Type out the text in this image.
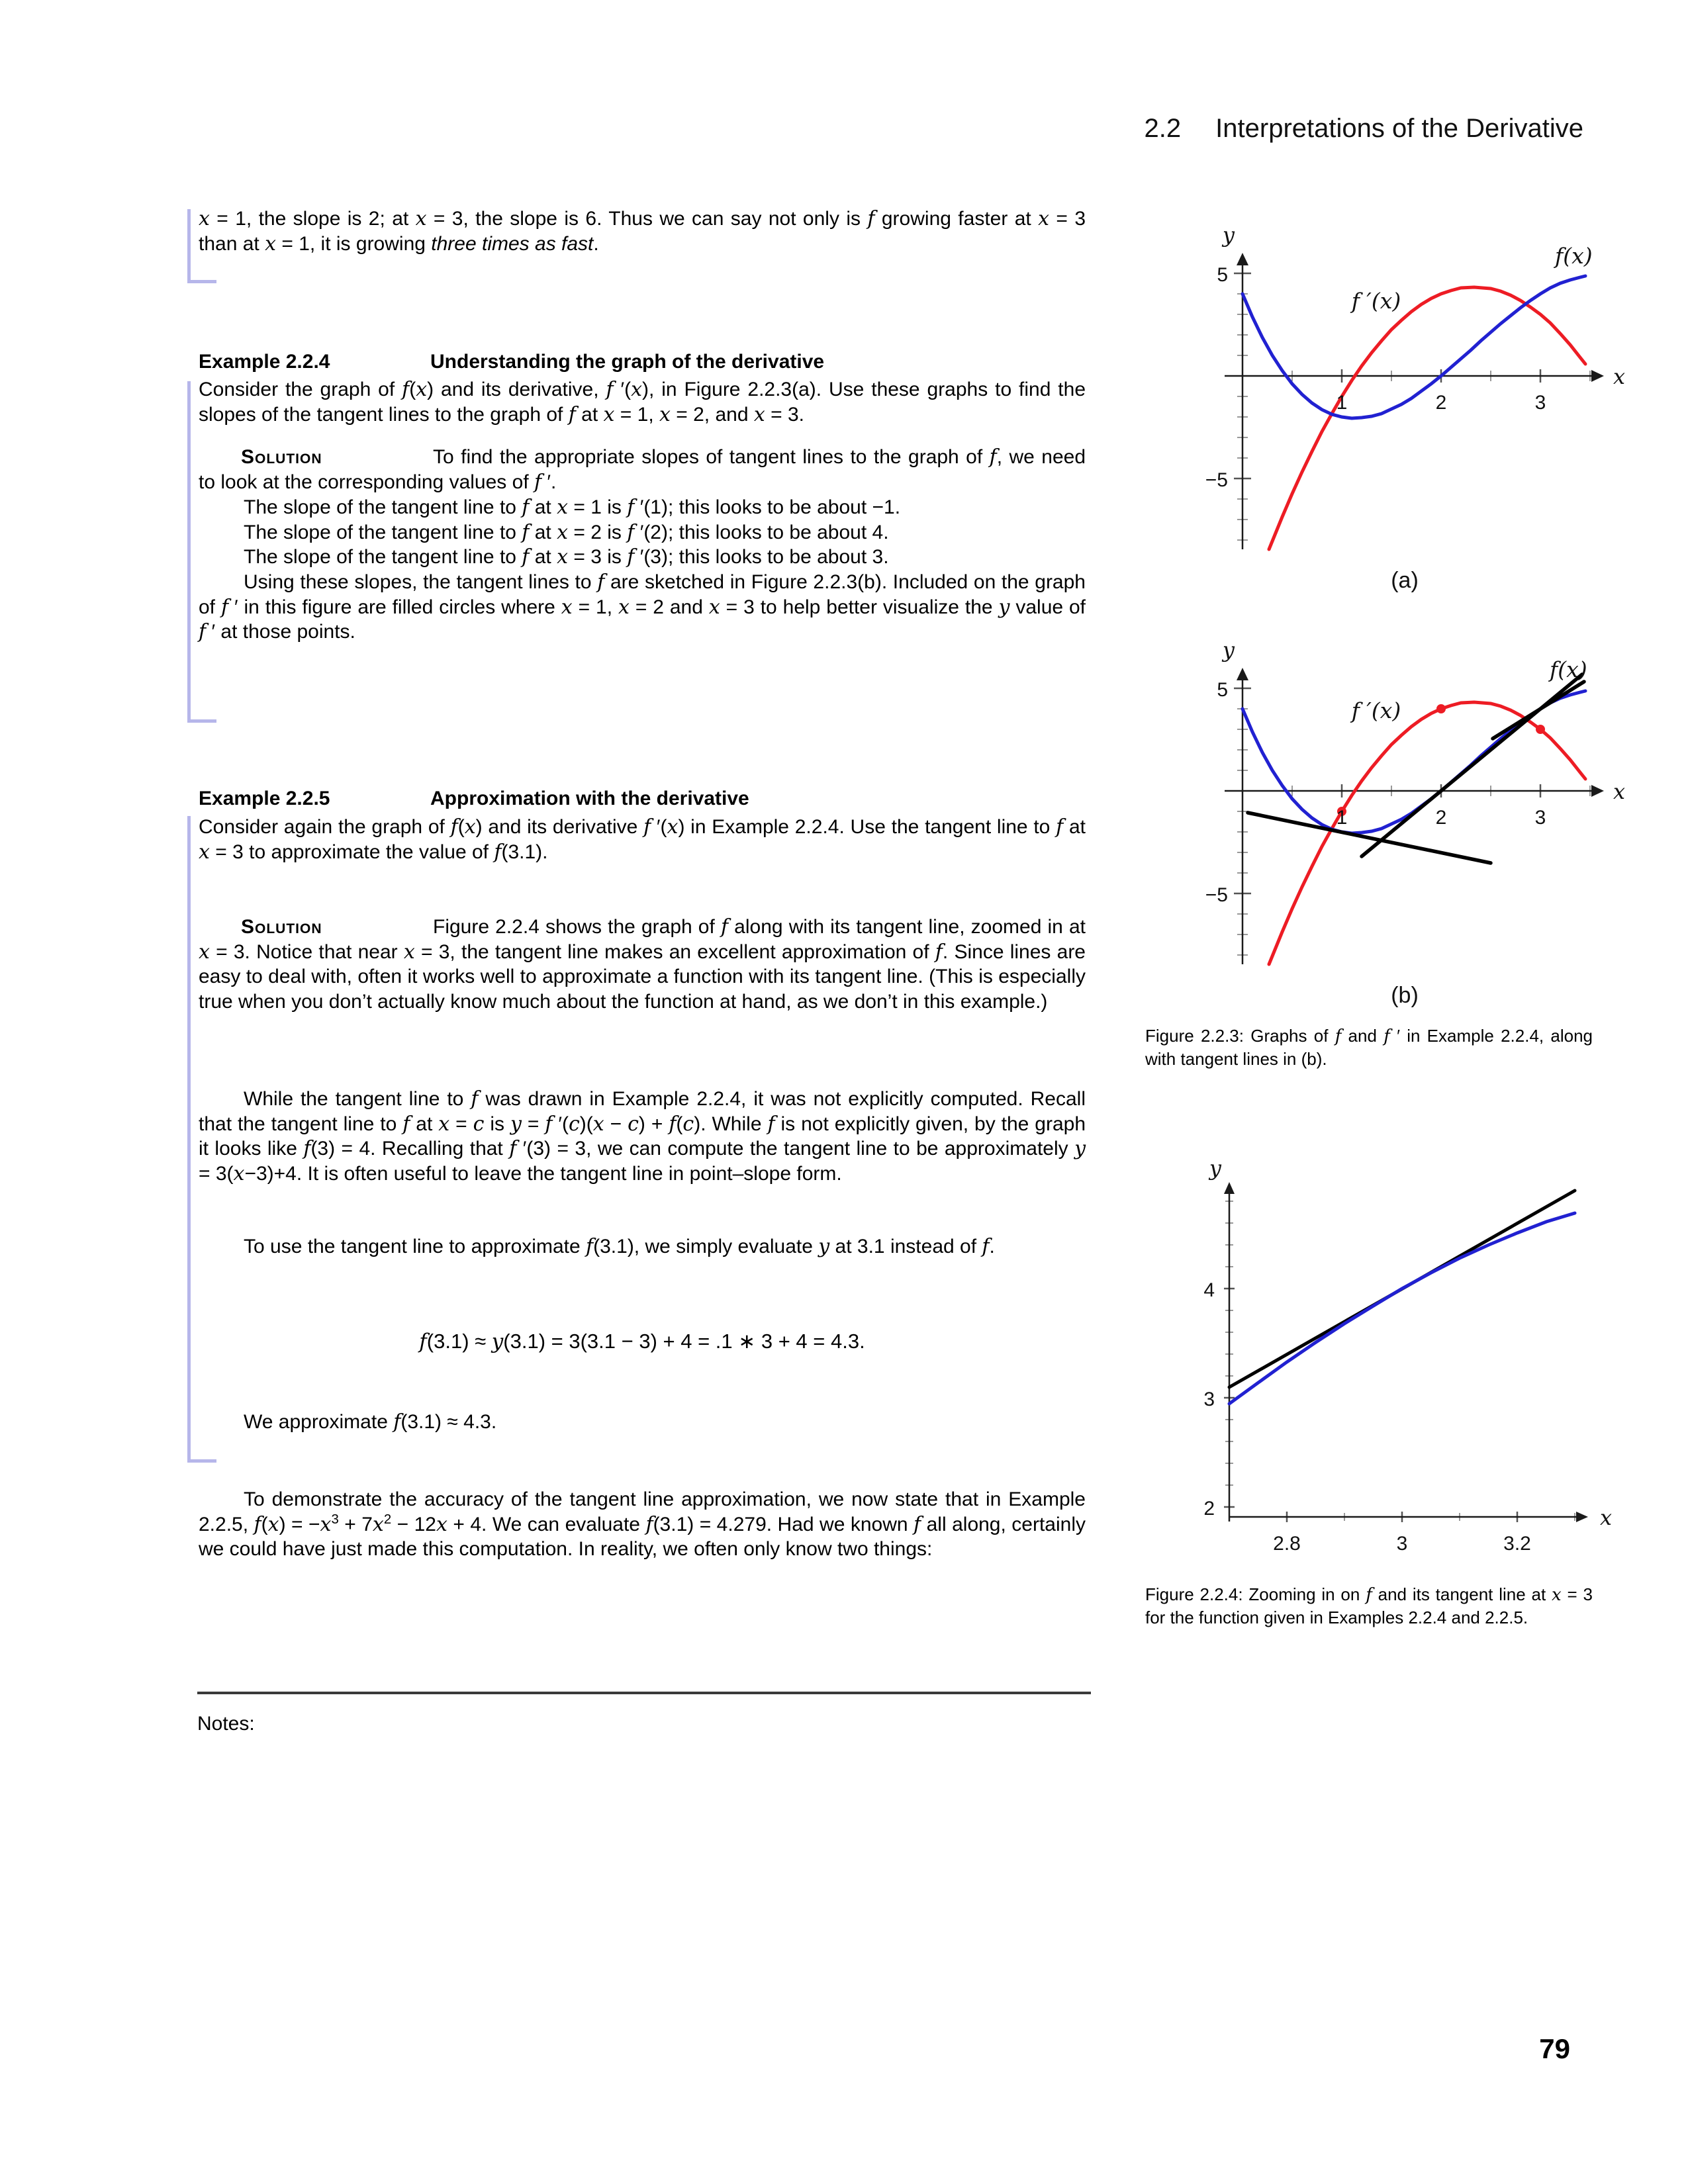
2.2 Interpretations of the Derivative

x = 1, the slope is 2; at x = 3, the slope is 6. Thus we can say not only is f growing faster at x = 3 than at x = 1, it is growing three times as fast.

Example 2.2.4	Understanding the graph of the derivative

Consider the graph of f(x) and its derivative, f ′(x), in Figure 2.2.3(a). Use these graphs to find the slopes of the tangent lines to the graph of f at x = 1, x = 2, and x = 3.

Solution	To find the appropriate slopes of tangent lines to the graph of f, we need to look at the corresponding values of f ′.

The slope of the tangent line to f at x = 1 is f ′(1); this looks to be about −1.

The slope of the tangent line to f at x = 2 is f ′(2); this looks to be about 4.

The slope of the tangent line to f at x = 3 is f ′(3); this looks to be about 3.

Using these slopes, the tangent lines to f are sketched in Figure 2.2.3(b). Included on the graph of f ′ in this figure are filled circles where x = 1, x = 2 and x = 3 to help better visualize the y value of f ′ at those points.

Example 2.2.5	Approximation with the derivative

Consider again the graph of f(x) and its derivative f ′(x) in Example 2.2.4. Use the tangent line to f at x = 3 to approximate the value of f(3.1).

Solution	Figure 2.2.4 shows the graph of f along with its tangent line, zoomed in at x = 3. Notice that near x = 3, the tangent line makes an excellent approximation of f. Since lines are easy to deal with, often it works well to approximate a function with its tangent line. (This is especially true when you don’t actually know much about the function at hand, as we don’t in this example.)

While the tangent line to f was drawn in Example 2.2.4, it was not explicitly computed. Recall that the tangent line to f at x = c is y = f ′(c)(x − c) + f(c). While f is not explicitly given, by the graph it looks like f(3) = 4. Recalling that f ′(3) = 3, we can compute the tangent line to be approximately y = 3(x−3)+4. It is often useful to leave the tangent line in point–slope form.

To use the tangent line to approximate f(3.1), we simply evaluate y at 3.1 instead of f.

f(3.1) ≈ y(3.1) = 3(3.1 − 3) + 4 = .1 ∗ 3 + 4 = 4.3.

We approximate f(3.1) ≈ 4.3.

To demonstrate the accuracy of the tangent line approximation, we now state that in Example 2.2.5, $f(x) = -x^3 + 7x^2 - 12x + 4$. We can evaluate f(3.1) = 4.279. Had we known f all along, certainly we could have just made this computation. In reality, we often only know two things:

1	2	3
5
−5
y
x
f(x)
f ′(x)
(a)
1	2	3
5
−5
y
x
f(x)
f ′(x)
(b)

Figure 2.2.3: Graphs of f and f ′ in Example 2.2.4, along with tangent lines in (b).

2.8	3	3.2
2
3
4
y
x

Figure 2.2.4: Zooming in on f and its tangent line at x = 3 for the function given in Examples 2.2.4 and 2.2.5.

Notes:
79
